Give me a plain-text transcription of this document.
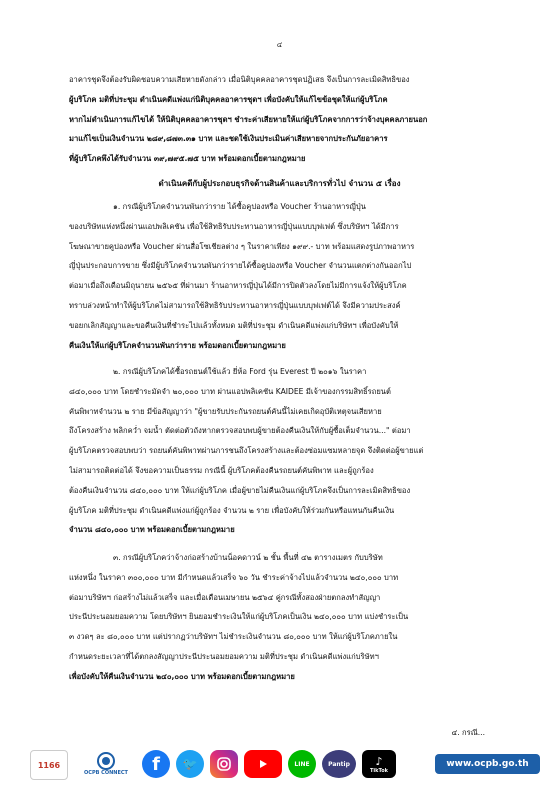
๔
อาคารชุดจึงต้องรับผิดชอบความเสียหายดังกล่าว เมื่อนิติบุคคลอาคารชุดปฏิเสธ จึงเป็นการละเมิดสิทธิของ
ผู้บริโภค มติที่ประชุม ดำเนินคดีแพ่งแก่นิติบุคคลอาคารชุดฯ เพื่อบังคับให้แก้ไขข้อชุดให้แก่ผู้บริโภค
หากไม่ดำเนินการแก้ไขได้ ให้นิติบุคคลอาคารชุดฯ ชำระค่าเสียหายให้แก่ผู้บริโภคจากการว่าจ้างบุคคลภายนอก
มาแก้ไขเป็นเงินจำนวน ๒๘๙,๘๗๓.๓๑ บาท และชดใช้เงินประเมินค่าเสียหายจากประกันภัยอาคาร
ที่ผู้บริโภคพึงได้รับจำนวน ๓๙,๗๙๕.๗๕ บาท พร้อมดอกเบี้ยตามกฎหมาย
ดำเนินคดีกับผู้ประกอบธุรกิจด้านสินค้าและบริการทั่วไป จำนวน ๕ เรื่อง
๑. กรณีผู้บริโภคจำนวนพันกว่าราย ได้ซื้อคูปองหรือ Voucher ร้านอาหารญี่ปุ่น
ของบริษัทแห่งหนึ่งผ่านแอปพลิเคชัน เพื่อใช้สิทธิรับประทานอาหารญี่ปุ่นแบบบุฟเฟต์ ซึ่งบริษัทฯ ได้มีการ
โฆษณาขายคูปองหรือ Voucher ผ่านสื่อโซเชียลต่าง ๆ ในราคาเพียง ๑๙๙.- บาท พร้อมแสดงรูปภาพอาหาร
ญี่ปุ่นประกอบการขาย ซึ่งมีผู้บริโภคจำนวนพันกว่ารายได้ซื้อคูปองหรือ Voucher จำนวนแตกต่างกันออกไป
ต่อมาเมื่อถึงเดือนมิถุนายน ๒๕๖๕ ที่ผ่านมา ร้านอาหารญี่ปุ่นได้มีการปิดตัวลงโดยไม่มีการแจ้งให้ผู้บริโภค
ทราบล่วงหน้าทำให้ผู้บริโภคไม่สามารถใช้สิทธิรับประทานอาหารญี่ปุ่นแบบบุฟเฟต์ได้ จึงมีความประสงค์
ขอยกเลิกสัญญาและขอคืนเงินที่ชำระไปแล้วทั้งหมด มติที่ประชุม ดำเนินคดีแพ่งแก่บริษัทฯ เพื่อบังคับให้
คืนเงินให้แก่ผู้บริโภคจำนวนพันกว่าราย พร้อมดอกเบี้ยตามกฎหมาย
๒. กรณีผู้บริโภคได้ซื้อรถยนต์ใช้แล้ว ยี่ห้อ Ford รุ่น Everest ปี ๒๐๑๖ ในราคา
๘๔๐,๐๐๐ บาท โดยชำระมัดจำ ๒๐,๐๐๐ บาท ผ่านแอปพลิเคชัน KAIDEE มีเจ้าของกรรมสิทธิ์รถยนต์
คันพิพาทจำนวน ๒ ราย มีข้อสัญญาว่า "ผู้ขายรับประกันรถยนต์คันนี้ไม่เคยเกิดอุบัติเหตุจนเสียหาย
ถึงโครงสร้าง พลิกคว่ำ จมน้ำ ตัดต่อตัวถังหากตรวจสอบพบผู้ขายต้องคืนเงินให้กับผู้ซื้อเต็มจำนวน..." ต่อมา
ผู้บริโภคตรวจสอบพบว่า รถยนต์คันพิพาทผ่านการชนถึงโครงสร้างและต้องซ่อมแซมหลายจุด จึงติดต่อผู้ขายแต่
ไม่สามารถติดต่อได้ จึงขอความเป็นธรรม กรณีนี้ ผู้บริโภคต้องคืนรถยนต์คันพิพาท และผู้ถูกร้อง
ต้องคืนเงินจำนวน ๘๔๐,๐๐๐ บาท ให้แก่ผู้บริโภค เมื่อผู้ขายไม่คืนเงินแก่ผู้บริโภคจึงเป็นการละเมิดสิทธิของ
ผู้บริโภค มติที่ประชุม ดำเนินคดีแพ่งแก่ผู้ถูกร้อง จำนวน ๒ ราย เพื่อบังคับให้ร่วมกันหรือแทนกันคืนเงิน
จำนวน ๘๔๐,๐๐๐ บาท พร้อมดอกเบี้ยตามกฎหมาย
๓. กรณีผู้บริโภคว่าจ้างก่อสร้างบ้านน็อคดาวน์ ๒ ชั้น พื้นที่ ๔๒ ตารางเมตร กับบริษัท
แห่งหนึ่ง ในราคา ๓๐๐,๐๐๐ บาท มีกำหนดแล้วเสร็จ ๖๐ วัน ชำระค่าจ้างไปแล้วจำนวน ๒๔๐,๐๐๐ บาท
ต่อมาบริษัทฯ ก่อสร้างไม่แล้วเสร็จ และเมื่อเดือนเมษายน ๒๕๖๔ คู่กรณีทั้งสองฝ่ายตกลงทำสัญญา
ประนีประนอมยอมความ โดยบริษัทฯ ยินยอมชำระเงินให้แก่ผู้บริโภคเป็นเงิน ๒๔๐,๐๐๐ บาท แบ่งชำระเป็น
๓ งวดๆ ละ ๘๐,๐๐๐ บาท แต่ปรากฏว่าบริษัทฯ ไม่ชำระเงินจำนวน ๘๐,๐๐๐ บาท ให้แก่ผู้บริโภคภายใน
กำหนดระยะเวลาที่ได้ตกลงสัญญาประนีประนอมยอมความ มติที่ประชุม ดำเนินคดีแพ่งแก่บริษัทฯ
เพื่อบังคับให้คืนเงินจำนวน ๒๔๐,๐๐๐ บาท พร้อมดอกเบี้ยตามกฎหมาย
๔. กรณี...
1166
OCPB CONNECT	f	🐦	LINE	Pantip ♪
TikTok
www.ocpb.go.th
